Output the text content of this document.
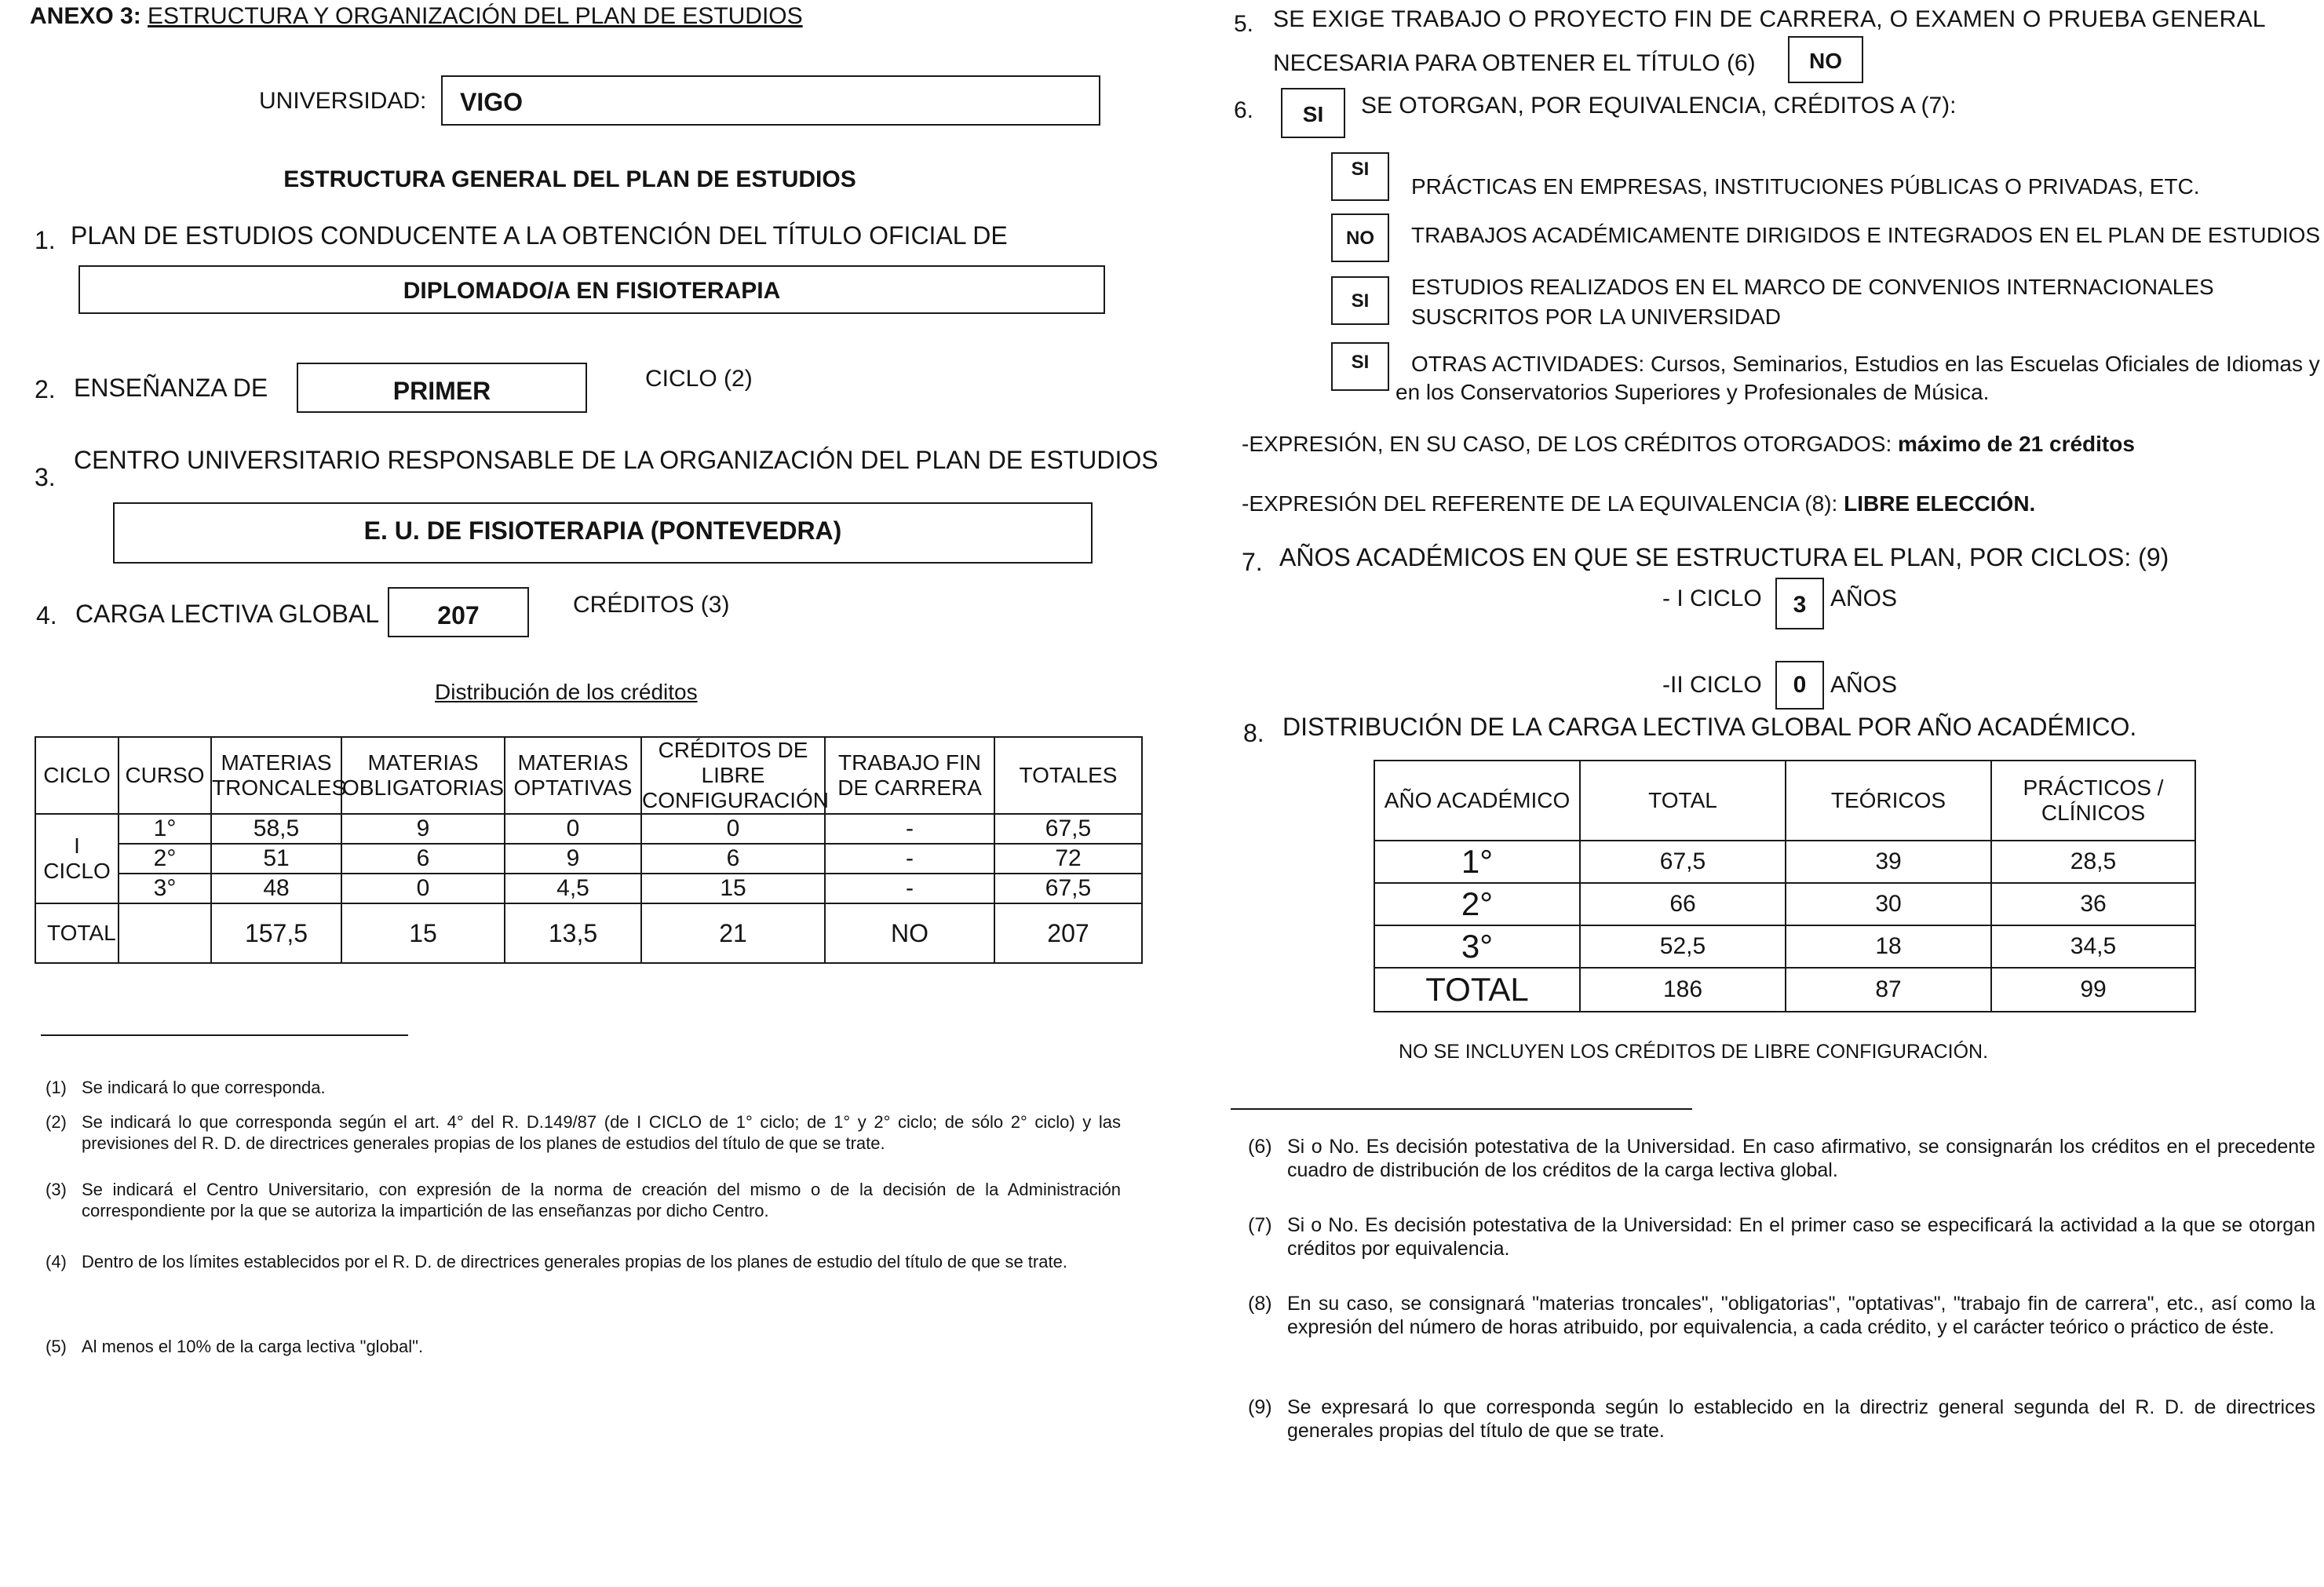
ANEXO 3: ESTRUCTURA Y ORGANIZACIÓN DEL PLAN DE ESTUDIOS
UNIVERSIDAD: VIGO
ESTRUCTURA GENERAL DEL PLAN DE ESTUDIOS
1. PLAN DE ESTUDIOS CONDUCENTE A LA OBTENCIÓN DEL TÍTULO OFICIAL DE
DIPLOMADO/A EN FISIOTERAPIA
2. ENSEÑANZA DE	PRIMER	CICLO (2)
3.
CENTRO UNIVERSITARIO RESPONSABLE DE LA ORGANIZACIÓN DEL PLAN DE ESTUDIOS
E. U. DE FISIOTERAPIA (PONTEVEDRA)
4. CARGA LECTIVA GLOBAL	207	CRÉDITOS (3)
Distribución de los créditos
CICLO	CURSO	MATERIAS TRONCALES	MATERIAS OBLIGATORIAS	MATERIAS OPTATIVAS	CRÉDITOS DE LIBRE CONFIGURACIÓN	TRABAJO FIN DE CARRERA	TOTALES

I
CICLO	1°	58,5	9	0	0	-	67,5
	2°	51	6	9	6	-	72
	3°	48	0	4,5	15	-	67,5
TOTAL		157,5	15	13,5	21	NO	207
(1) Se indicará lo que corresponda.
(2) Se indicará lo que corresponda según el art. 4° del R. D.149/87 (de I CICLO de 1° ciclo; de 1° y 2° ciclo; de sólo 2° ciclo) y las previsiones del R. D. de directrices generales propias de los planes de estudios del título de que se trate.
(3) Se indicará el Centro Universitario, con expresión de la norma de creación del mismo o de la decisión de la Administración correspondiente por la que se autoriza la impartición de las enseñanzas por dicho Centro.
(4) Dentro de los límites establecidos por el R. D. de directrices generales propias de los planes de estudio del título de que se trate.
(5) Al menos el 10% de la carga lectiva "global".
5. SE EXIGE TRABAJO O PROYECTO FIN DE CARRERA, O EXAMEN O PRUEBA GENERAL
NECESARIA PARA OBTENER EL TÍTULO (6)	NO
6.	SI	SE OTORGAN, POR EQUIVALENCIA, CRÉDITOS A (7):
SI
PRÁCTICAS EN EMPRESAS, INSTITUCIONES PÚBLICAS O PRIVADAS, ETC.
NO	TRABAJOS ACADÉMICAMENTE DIRIGIDOS E INTEGRADOS EN EL PLAN DE ESTUDIOS
SI
ESTUDIOS REALIZADOS EN EL MARCO DE CONVENIOS INTERNACIONALES
SUSCRITOS POR LA UNIVERSIDAD
SI	OTRAS ACTIVIDADES: Cursos, Seminarios, Estudios en las Escuelas Oficiales de Idiomas y
en los Conservatorios Superiores y Profesionales de Música.
-EXPRESIÓN, EN SU CASO, DE LOS CRÉDITOS OTORGADOS: máximo de 21 créditos
-EXPRESIÓN DEL REFERENTE DE LA EQUIVALENCIA (8): LIBRE ELECCIÓN.
7. AÑOS ACADÉMICOS EN QUE SE ESTRUCTURA EL PLAN, POR CICLOS: (9)
- I CICLO	3	AÑOS
-II CICLO	0	AÑOS
8. DISTRIBUCIÓN DE LA CARGA LECTIVA GLOBAL POR AÑO ACADÉMICO.
AÑO ACADÉMICO	TOTAL	TEÓRICOS	PRÁCTICOS / CLÍNICOS
1°	67,5	39	28,5
2°	66	30	36
3°	52,5	18	34,5
TOTAL	186	87	99
NO SE INCLUYEN LOS CRÉDITOS DE LIBRE CONFIGURACIÓN.
(6) Si o No. Es decisión potestativa de la Universidad. En caso afirmativo, se consignarán los créditos en el precedente cuadro de distribución de los créditos de la carga lectiva global.
(7) Si o No. Es decisión potestativa de la Universidad: En el primer caso se especificará la actividad a la que se otorgan créditos por equivalencia.
(8) En su caso, se consignará "materias troncales", "obligatorias", "optativas", "trabajo fin de carrera", etc., así como la expresión del número de horas atribuido, por equivalencia, a cada crédito, y el carácter teórico o práctico de éste.
(9) Se expresará lo que corresponda según lo establecido en la directriz general segunda del R. D. de directrices generales propias del título de que se trate.
